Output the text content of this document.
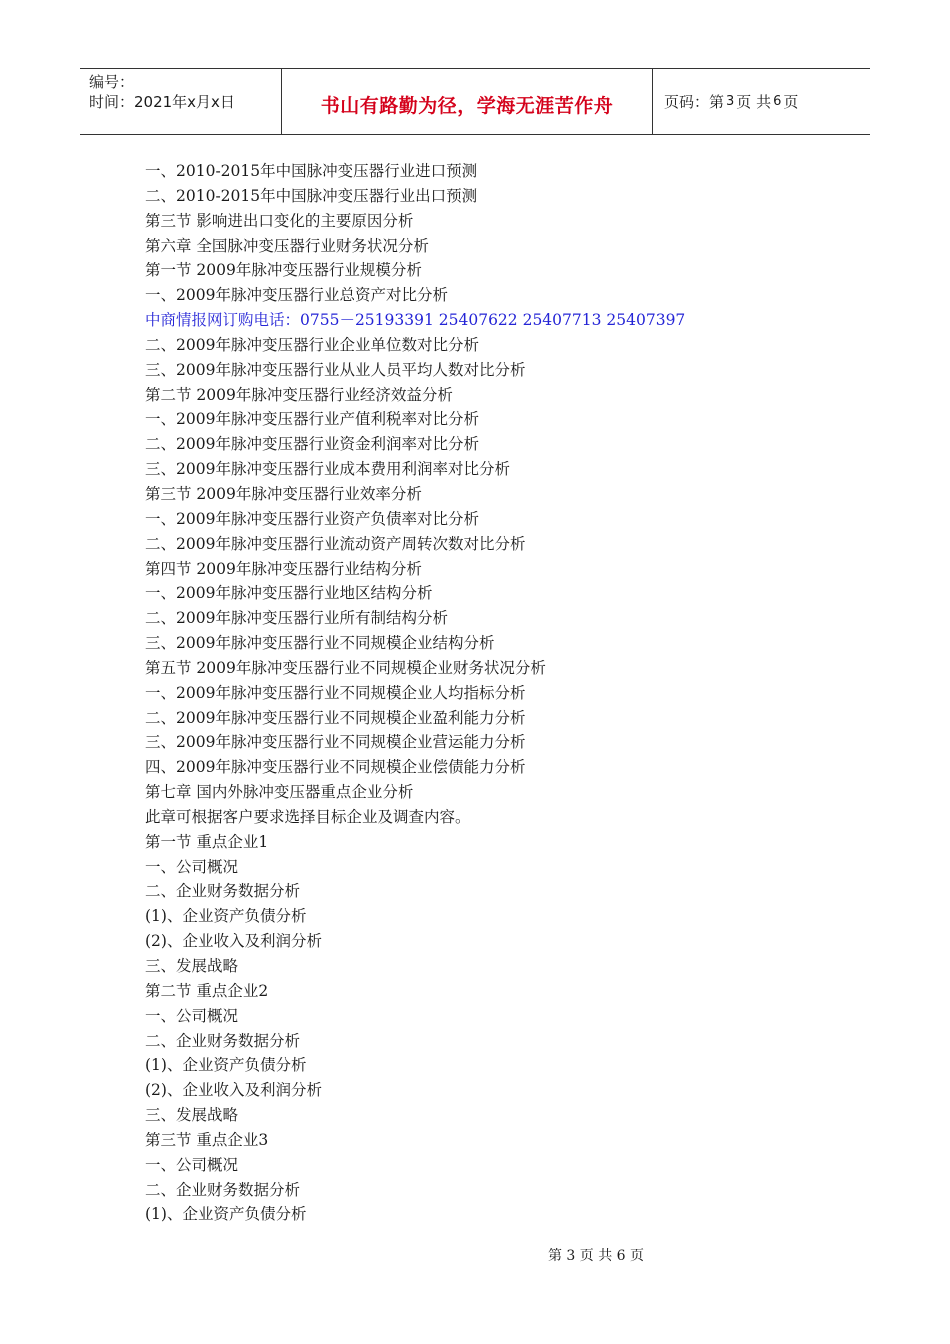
编号：
时间：2021年x月x日	书山有路勤为径，学海无涯苦作舟	页码：第 3 页 共 6 页
一、2010-2015年中国脉冲变压器行业进口预测
二、2010-2015年中国脉冲变压器行业出口预测
第三节 影响进出口变化的主要原因分析
第六章 全国脉冲变压器行业财务状况分析
第一节 2009年脉冲变压器行业规模分析
一、2009年脉冲变压器行业总资产对比分析
中商情报网订购电话：0755－25193391 25407622 25407713 25407397
二、2009年脉冲变压器行业企业单位数对比分析
三、2009年脉冲变压器行业从业人员平均人数对比分析
第二节 2009年脉冲变压器行业经济效益分析
一、2009年脉冲变压器行业产值利税率对比分析
二、2009年脉冲变压器行业资金利润率对比分析
三、2009年脉冲变压器行业成本费用利润率对比分析
第三节 2009年脉冲变压器行业效率分析
一、2009年脉冲变压器行业资产负债率对比分析
二、2009年脉冲变压器行业流动资产周转次数对比分析
第四节 2009年脉冲变压器行业结构分析
一、2009年脉冲变压器行业地区结构分析
二、2009年脉冲变压器行业所有制结构分析
三、2009年脉冲变压器行业不同规模企业结构分析
第五节 2009年脉冲变压器行业不同规模企业财务状况分析
一、2009年脉冲变压器行业不同规模企业人均指标分析
二、2009年脉冲变压器行业不同规模企业盈利能力分析
三、2009年脉冲变压器行业不同规模企业营运能力分析
四、2009年脉冲变压器行业不同规模企业偿债能力分析
第七章 国内外脉冲变压器重点企业分析
此章可根据客户要求选择目标企业及调查内容。
第一节 重点企业1
一、公司概况
二、企业财务数据分析
(1)、企业资产负债分析
(2)、企业收入及利润分析
三、发展战略
第二节 重点企业2
一、公司概况
二、企业财务数据分析
(1)、企业资产负债分析
(2)、企业收入及利润分析
三、发展战略
第三节 重点企业3
一、公司概况
二、企业财务数据分析
(1)、企业资产负债分析
第 3 页 共 6 页
